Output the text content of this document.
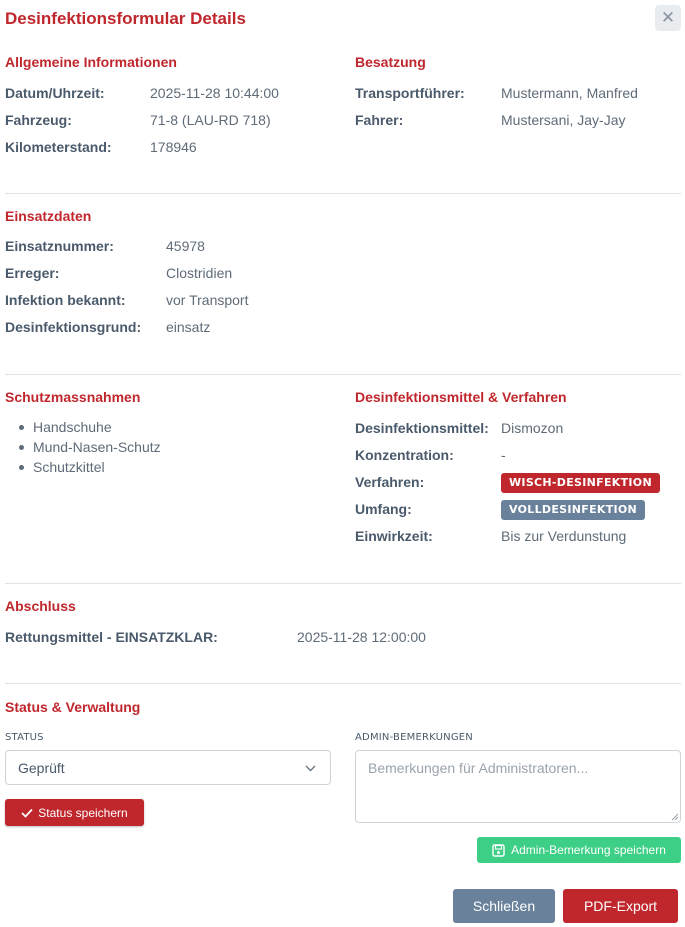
Desinfektionsformular Details	✕
Allgemeine Informationen
Datum/Uhrzeit:	2025-11-28 10:44:00
Fahrzeug:	71-8 (LAU-RD 718)
Kilometerstand:	178946
Besatzung
Transportführer:	Mustermann, Manfred
Fahrer:	Mustersani, Jay-Jay
Einsatzdaten
Einsatznummer:	45978
Erreger:	Clostridien
Infektion bekannt:	vor Transport
Desinfektionsgrund: einsatz
Schutzmassnahmen
Handschuhe
Mund-Nasen-Schutz
Schutzkittel
Desinfektionsmittel & Verfahren
Desinfektionsmittel: Dismozon
Konzentration:	-
Verfahren:	WISCH-DESINFEKTION
Umfang:	VOLLDESINFEKTION
Einwirkzeit:	Bis zur Verdunstung
Abschluss
Rettungsmittel - EINSATZKLAR:	2025-11-28 12:00:00
Status & Verwaltung
STATUS
Geprüft
Status speichern
ADMIN-BEMERKUNGEN
Bemerkungen für Administratoren...
Admin-Bemerkung speichern
Schließen	PDF-Export
